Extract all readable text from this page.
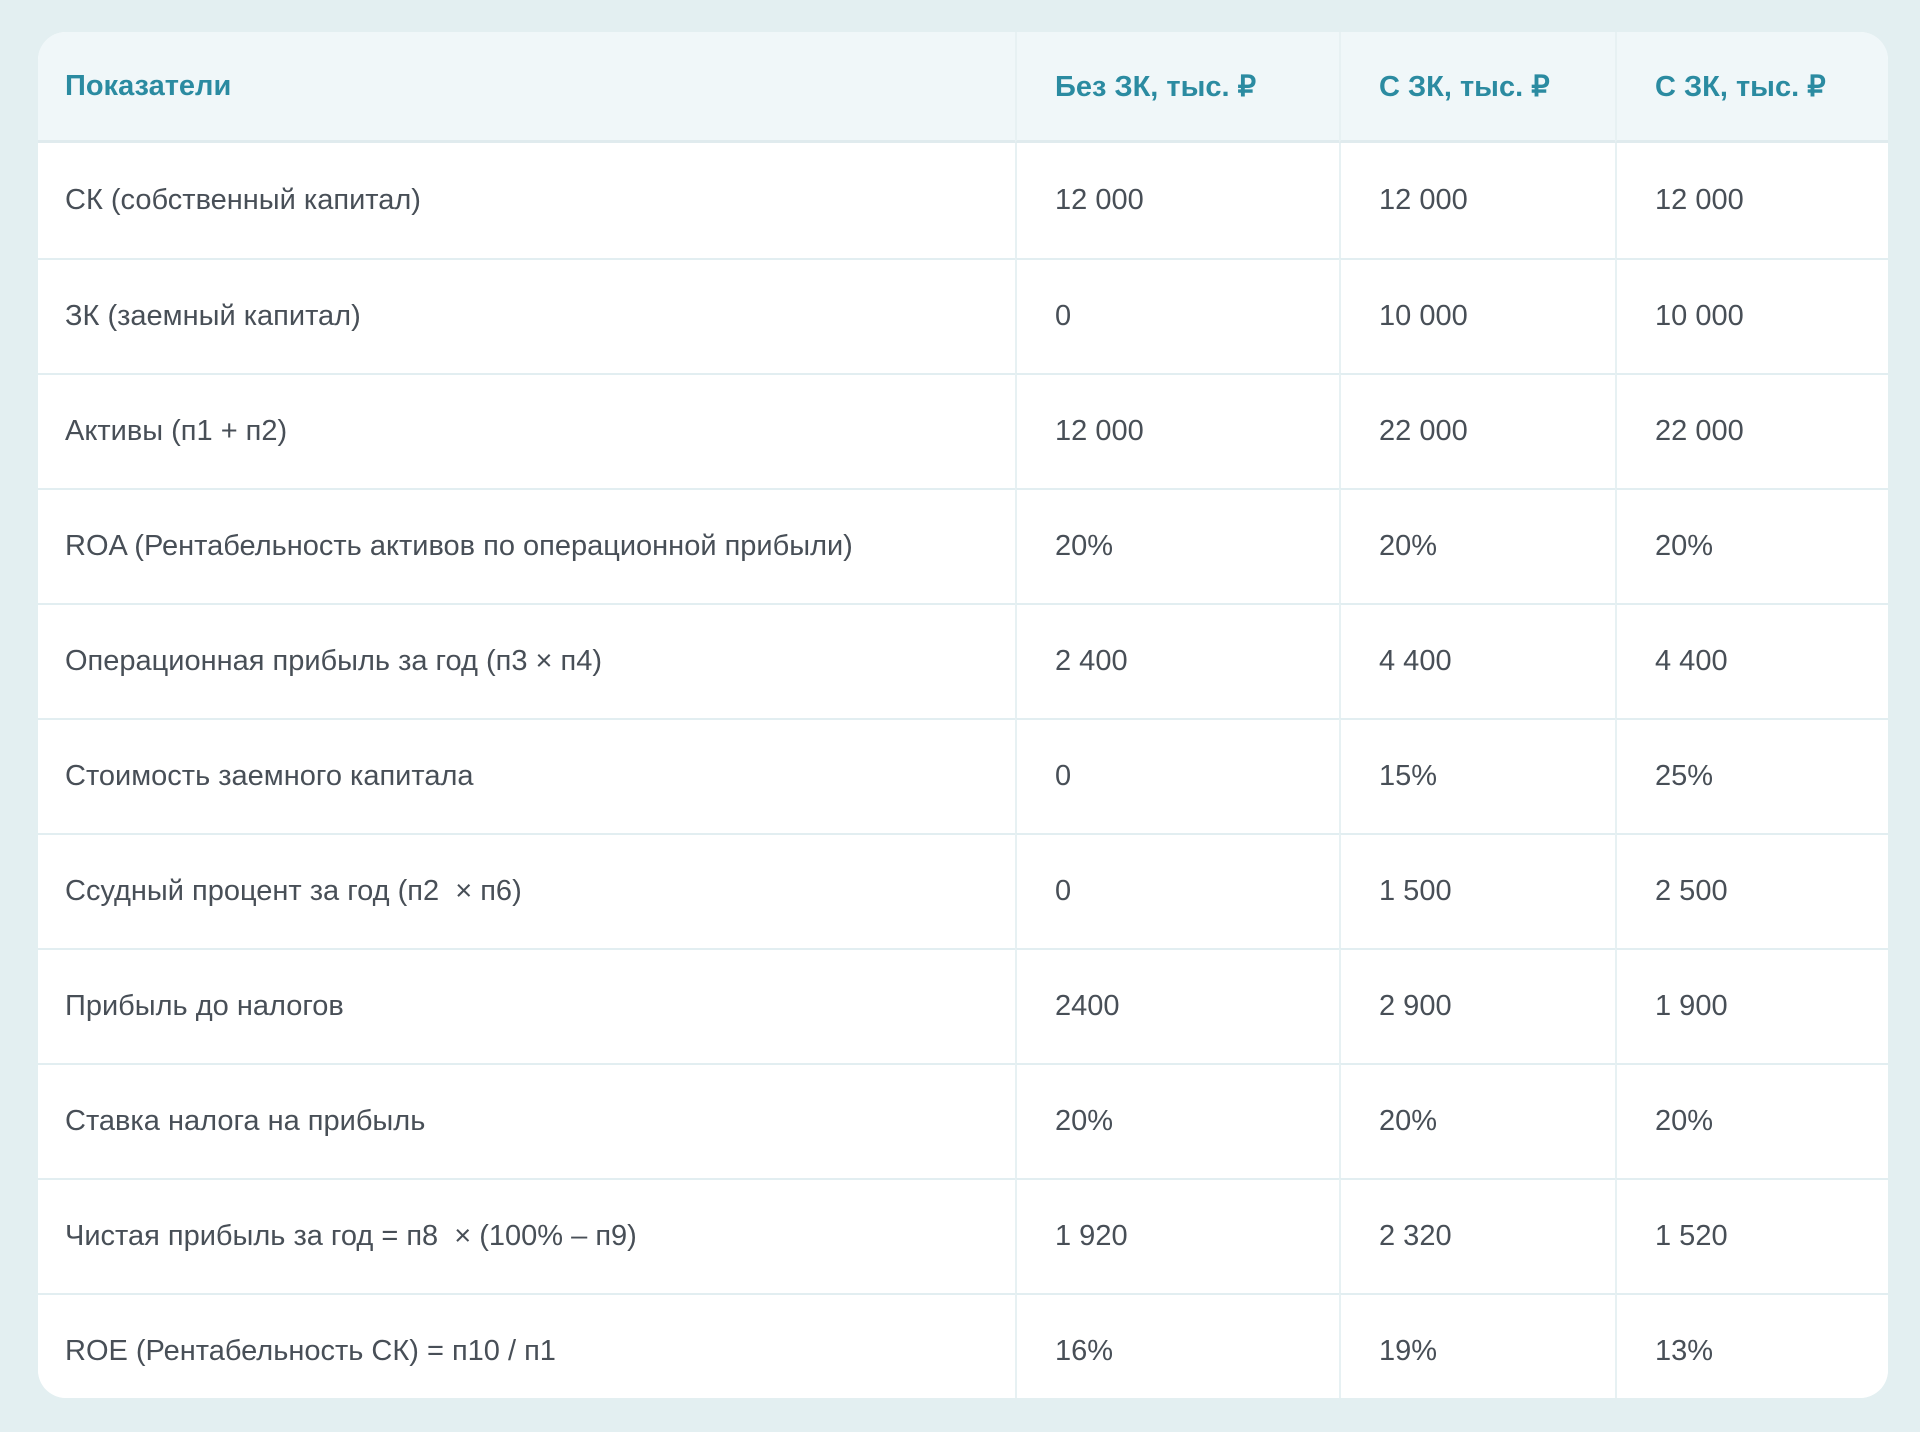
Показатели	Без ЗК, тыс. ₽	С ЗК, тыс. ₽	С ЗК, тыс. ₽
СК (собственный капитал)	12 000	12 000	12 000
ЗК (заемный капитал)	0	10 000	10 000
Активы (п1 + п2)	12 000	22 000	22 000
ROA (Рентабельность активов по операционной прибыли)	20%	20%	20%
Операционная прибыль за год (п3 × п4)	2 400	4 400	4 400
Стоимость заемного капитала	0	15%	25%
Ссудный процент за год (п2  × п6)	0	1 500	2 500
Прибыль до налогов	2400	2 900	1 900
Ставка налога на прибыль	20%	20%	20%
Чистая прибыль за год = п8  × (100% – п9)	1 920	2 320	1 520
ROE (Рентабельность СК) = п10 / п1	16%	19%	13%
